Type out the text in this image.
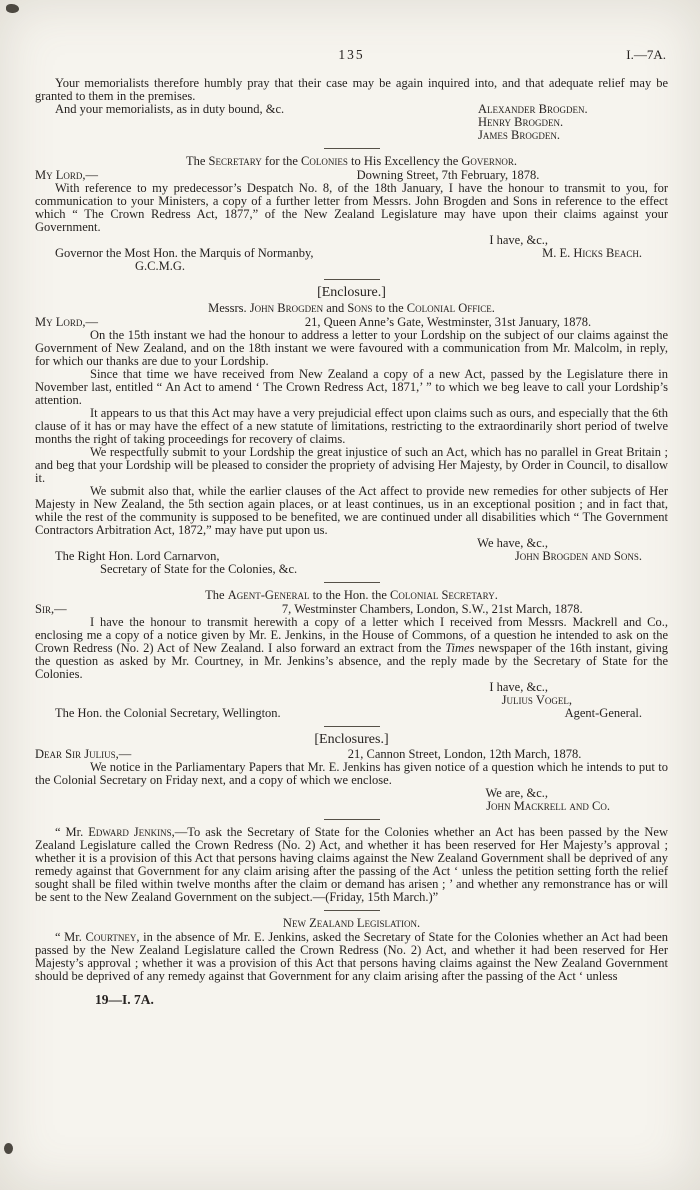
135	I.—7A.

Your memorialists therefore humbly pray that their case may be again inquired into, and that adequate relief may be granted to them in the premises.

And your memorialists, as in duty bound, &c.	Alexander Brogden.
Henry Brogden.
James Brogden.

The Secretary for the Colonies to His Excellency the Governor.

My Lord,—	Downing Street, 7th February, 1878.

With reference to my predecessor’s Despatch No. 8, of the 18th January, I have the honour to transmit to you, for communication to your Ministers, a copy of a further letter from Messrs. John Brogden and Sons in reference to the effect which “ The Crown Redress Act, 1877,” of the New Zealand Legislature may have upon their claims against your Government.

I have, &c.,
Governor the Most Hon. the Marquis of Normanby,	M. E. Hicks Beach.
G.C.M.G.
[Enclosure.]

Messrs. John Brogden and Sons to the Colonial Office.

My Lord,—	21, Queen Anne’s Gate, Westminster, 31st January, 1878.

On the 15th instant we had the honour to address a letter to your Lordship on the subject of our claims against the Government of New Zealand, and on the 18th instant we were favoured with a communication from Mr. Malcolm, in reply, for which our thanks are due to your Lordship.

Since that time we have received from New Zealand a copy of a new Act, passed by the Legislature there in November last, entitled “ An Act to amend ‘ The Crown Redress Act, 1871,’ ” to which we beg leave to call your Lordship’s attention.

It appears to us that this Act may have a very prejudicial effect upon claims such as ours, and especially that the 6th clause of it has or may have the effect of a new statute of limitations, restricting to the extraordinarily short period of twelve months the right of taking proceedings for recovery of claims.

We respectfully submit to your Lordship the great injustice of such an Act, which has no parallel in Great Britain ; and beg that your Lordship will be pleased to consider the propriety of advising Her Majesty, by Order in Council, to disallow it.

We submit also that, while the earlier clauses of the Act affect to provide new remedies for other subjects of Her Majesty in New Zealand, the 5th section again places, or at least continues, us in an exceptional position ; and in fact that, while the rest of the community is supposed to be benefited, we are continued under all disabilities which “ The Government Contractors Arbitration Act, 1872,” may have put upon us.

We have, &c.,
The Right Hon. Lord Carnarvon,	John Brogden and Sons.
Secretary of State for the Colonies, &c.

The Agent-General to the Hon. the Colonial Secretary.

Sir,—	7, Westminster Chambers, London, S.W., 21st March, 1878.

I have the honour to transmit herewith a copy of a letter which I received from Messrs. Mackrell and Co., enclosing me a copy of a notice given by Mr. E. Jenkins, in the House of Commons, of a question he intended to ask on the Crown Redress (No. 2) Act of New Zealand. I also forward an extract from the Times newspaper of the 16th instant, giving the question as asked by Mr. Courtney, in Mr. Jenkins’s absence, and the reply made by the Secretary of State for the Colonies.

I have, &c.,
Julius Vogel,
The Hon. the Colonial Secretary, Wellington.	Agent-General.
[Enclosures.]
Dear Sir Julius,—	21, Cannon Street, London, 12th March, 1878.

We notice in the Parliamentary Papers that Mr. E. Jenkins has given notice of a question which he intends to put to the Colonial Secretary on Friday next, and a copy of which we enclose.

We are, &c.,
John Mackrell and Co.

“ Mr. Edward Jenkins,—To ask the Secretary of State for the Colonies whether an Act has been passed by the New Zealand Legislature called the Crown Redress (No. 2) Act, and whether it has been reserved for Her Majesty’s approval ; whether it is a provision of this Act that persons having claims against the New Zealand Government shall be deprived of any remedy against that Government for any claim arising after the passing of the Act ‘ unless the petition setting forth the relief sought shall be filed within twelve months after the claim or demand has arisen ; ’ and whether any remonstrance has or will be sent to the New Zealand Government on the subject.—(Friday, 15th March.)”

New Zealand Legislation.

“ Mr. Courtney, in the absence of Mr. E. Jenkins, asked the Secretary of State for the Colonies whether an Act had been passed by the New Zealand Legislature called the Crown Redress (No. 2) Act, and whether it had been reserved for Her Majesty’s approval ; whether it was a provision of this Act that persons having claims against the New Zealand Government should be deprived of any remedy against that Government for any claim arising after the passing of the Act ‘ unless

19—I. 7A.
